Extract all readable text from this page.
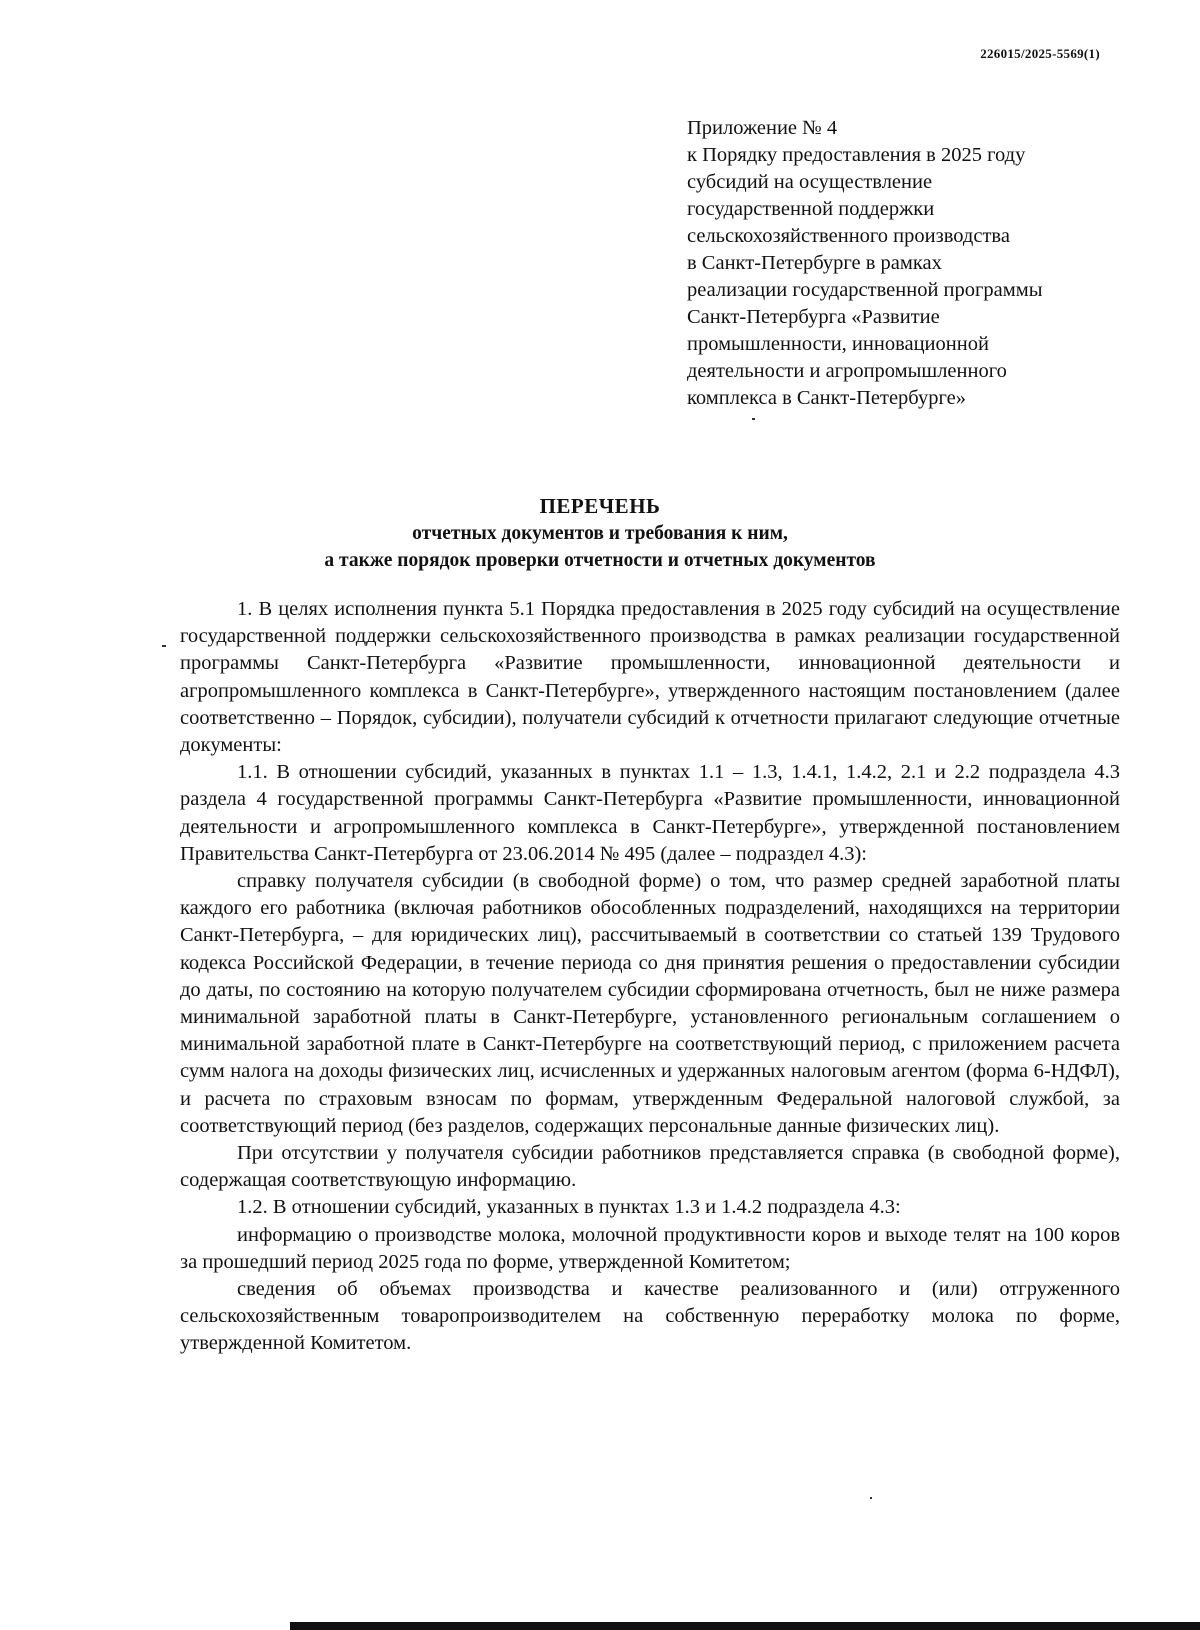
226015/2025-5569(1)
Приложение № 4
к Порядку предоставления в 2025 году
субсидий на осуществление
государственной поддержки
сельскохозяйственного производства
в Санкт-Петербурге в рамках
реализации государственной программы
Санкт-Петербурга «Развитие
промышленности, инновационной
деятельности и агропромышленного
комплекса в Санкт-Петербурге»
ПЕРЕЧЕНЬ
отчетных документов и требования к ним,
а также порядок проверки отчетности и отчетных документов

1. В целях исполнения пункта 5.1 Порядка предоставления в 2025 году субсидий на осуществление государственной поддержки сельскохозяйственного производства в рамках реализации государственной программы Санкт-Петербурга «Развитие промышленности, инновационной деятельности и агропромышленного комплекса в Санкт-Петербурге», утвержденного настоящим постановлением (далее соответственно – Порядок, субсидии), получатели субсидий к отчетности прилагают следующие отчетные документы:

1.1. В отношении субсидий, указанных в пунктах 1.1 – 1.3, 1.4.1, 1.4.2, 2.1 и 2.2 подраздела 4.3 раздела 4 государственной программы Санкт-Петербурга «Развитие промышленности, инновационной деятельности и агропромышленного комплекса в Санкт-Петербурге», утвержденной постановлением Правительства Санкт-Петербурга от 23.06.2014 № 495 (далее – подраздел 4.3):

справку получателя субсидии (в свободной форме) о том, что размер средней заработной платы каждого его работника (включая работников обособленных подразделений, находящихся на территории Санкт-Петербурга, – для юридических лиц), рассчитываемый в соответствии со статьей 139 Трудового кодекса Российской Федерации, в течение периода со дня принятия решения о предоставлении субсидии до даты, по состоянию на которую получателем субсидии сформирована отчетность, был не ниже размера минимальной заработной платы в Санкт-Петербурге, установленного региональным соглашением о минимальной заработной плате в Санкт-Петербурге на соответствующий период, с приложением расчета сумм налога на доходы физических лиц, исчисленных и удержанных налоговым агентом (форма 6-НДФЛ), и расчета по страховым взносам по формам, утвержденным Федеральной налоговой службой, за соответствующий период (без разделов, содержащих персональные данные физических лиц).

При отсутствии у получателя субсидии работников представляется справка (в свободной форме), содержащая соответствующую информацию.

1.2. В отношении субсидий, указанных в пунктах 1.3 и 1.4.2 подраздела 4.3:

информацию о производстве молока, молочной продуктивности коров и выходе телят на 100 коров за прошедший период 2025 года по форме, утвержденной Комитетом;

сведения об объемах производства и качестве реализованного и (или) отгруженного сельскохозяйственным товаропроизводителем на собственную переработку молока по форме, утвержденной Комитетом.
